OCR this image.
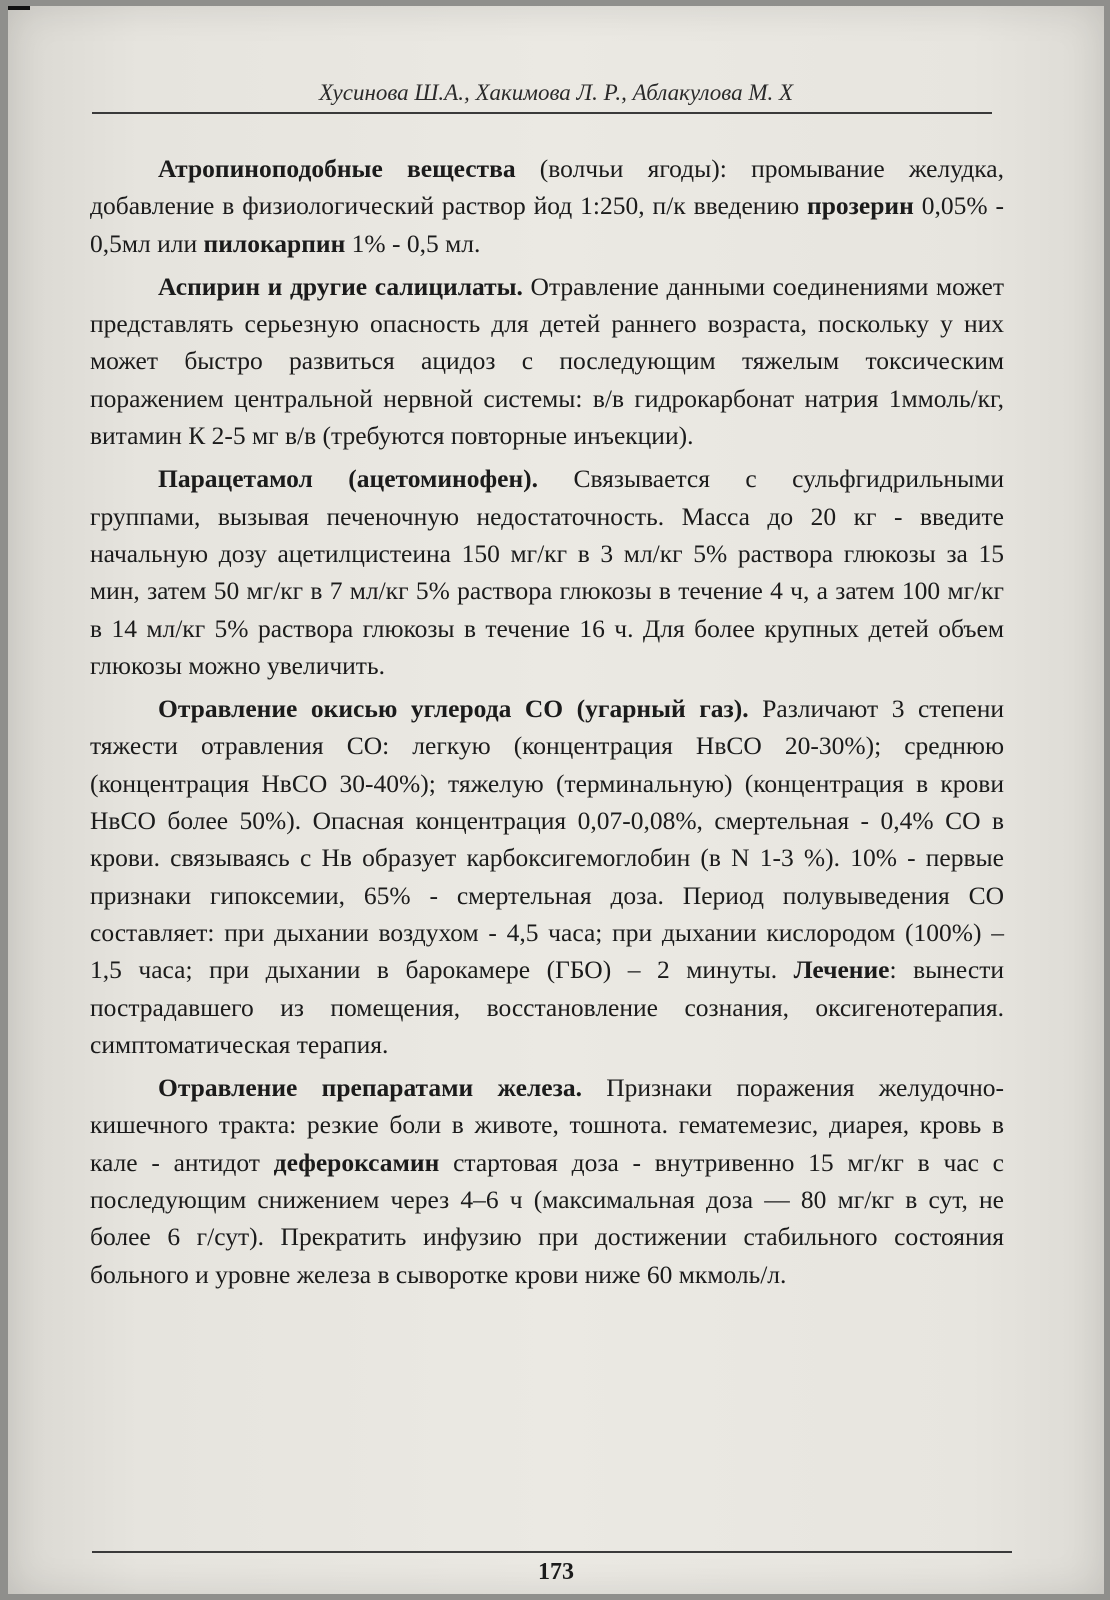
Хусинова Ш.А., Хакимова Л. Р., Аблакулова М. Х

Атропиноподобные вещества (волчьи ягоды): промывание желудка, добавление в физиологический раствор йод 1:250, п/к введению прозерин 0,05% - 0,5мл или пилокарпин 1% - 0,5 мл.

Аспирин и другие салицилаты. Отравление данными соединениями может представлять серьезную опасность для детей раннего возраста, поскольку у них может быстро развиться ацидоз с последующим тяжелым токсическим поражением центральной нервной системы: в/в гидрокарбонат натрия 1ммоль/кг, витамин К 2-5 мг в/в (требуются повторные инъекции).

Парацетамол (ацетоминофен). Связывается с сульфгидрильными группами, вызывая печеночную недостаточность. Масса до 20 кг - введите начальную дозу ацетилцистеина 150 мг/кг в 3 мл/кг 5% раствора глюкозы за 15 мин, затем 50 мг/кг в 7 мл/кг 5% раствора глюкозы в течение 4 ч, а затем 100 мг/кг в 14 мл/кг 5% раствора глюкозы в течение 16 ч. Для более крупных детей объем глюкозы можно увеличить.

Отравление окисью углерода СО (угарный газ). Различают 3 степени тяжести отравления СО: легкую (концентрация НвСО 20-30%); среднюю (концентрация НвСО 30-40%); тяжелую (терминальную) (концентрация в крови НвСО более 50%). Опасная концентрация 0,07-0,08%, смертельная - 0,4% СО в крови. связываясь с Нв образует карбоксигемоглобин (в N 1-3 %). 10% - первые признаки гипоксемии, 65% - смертельная доза. Период полувыведения СО составляет: при дыхании воздухом - 4,5 часа; при дыхании кислородом (100%) – 1,5 часа; при дыхании в барокамере (ГБО) – 2 минуты. Лечение: вынести пострадавшего из помещения, восстановление сознания, оксигенотерапия. симптоматическая терапия.

Отравление препаратами железа. Признаки поражения желудочно-кишечного тракта: резкие боли в животе, тошнота. гематемезис, диарея, кровь в кале - антидот дефероксамин стартовая доза - внутривенно 15 мг/кг в час с последующим снижением через 4–6 ч (максимальная доза — 80 мг/кг в сут, не более 6 г/сут). Прекратить инфузию при достижении стабильного состояния больного и уровне железа в сыворотке крови ниже 60 мкмоль/л.

173
